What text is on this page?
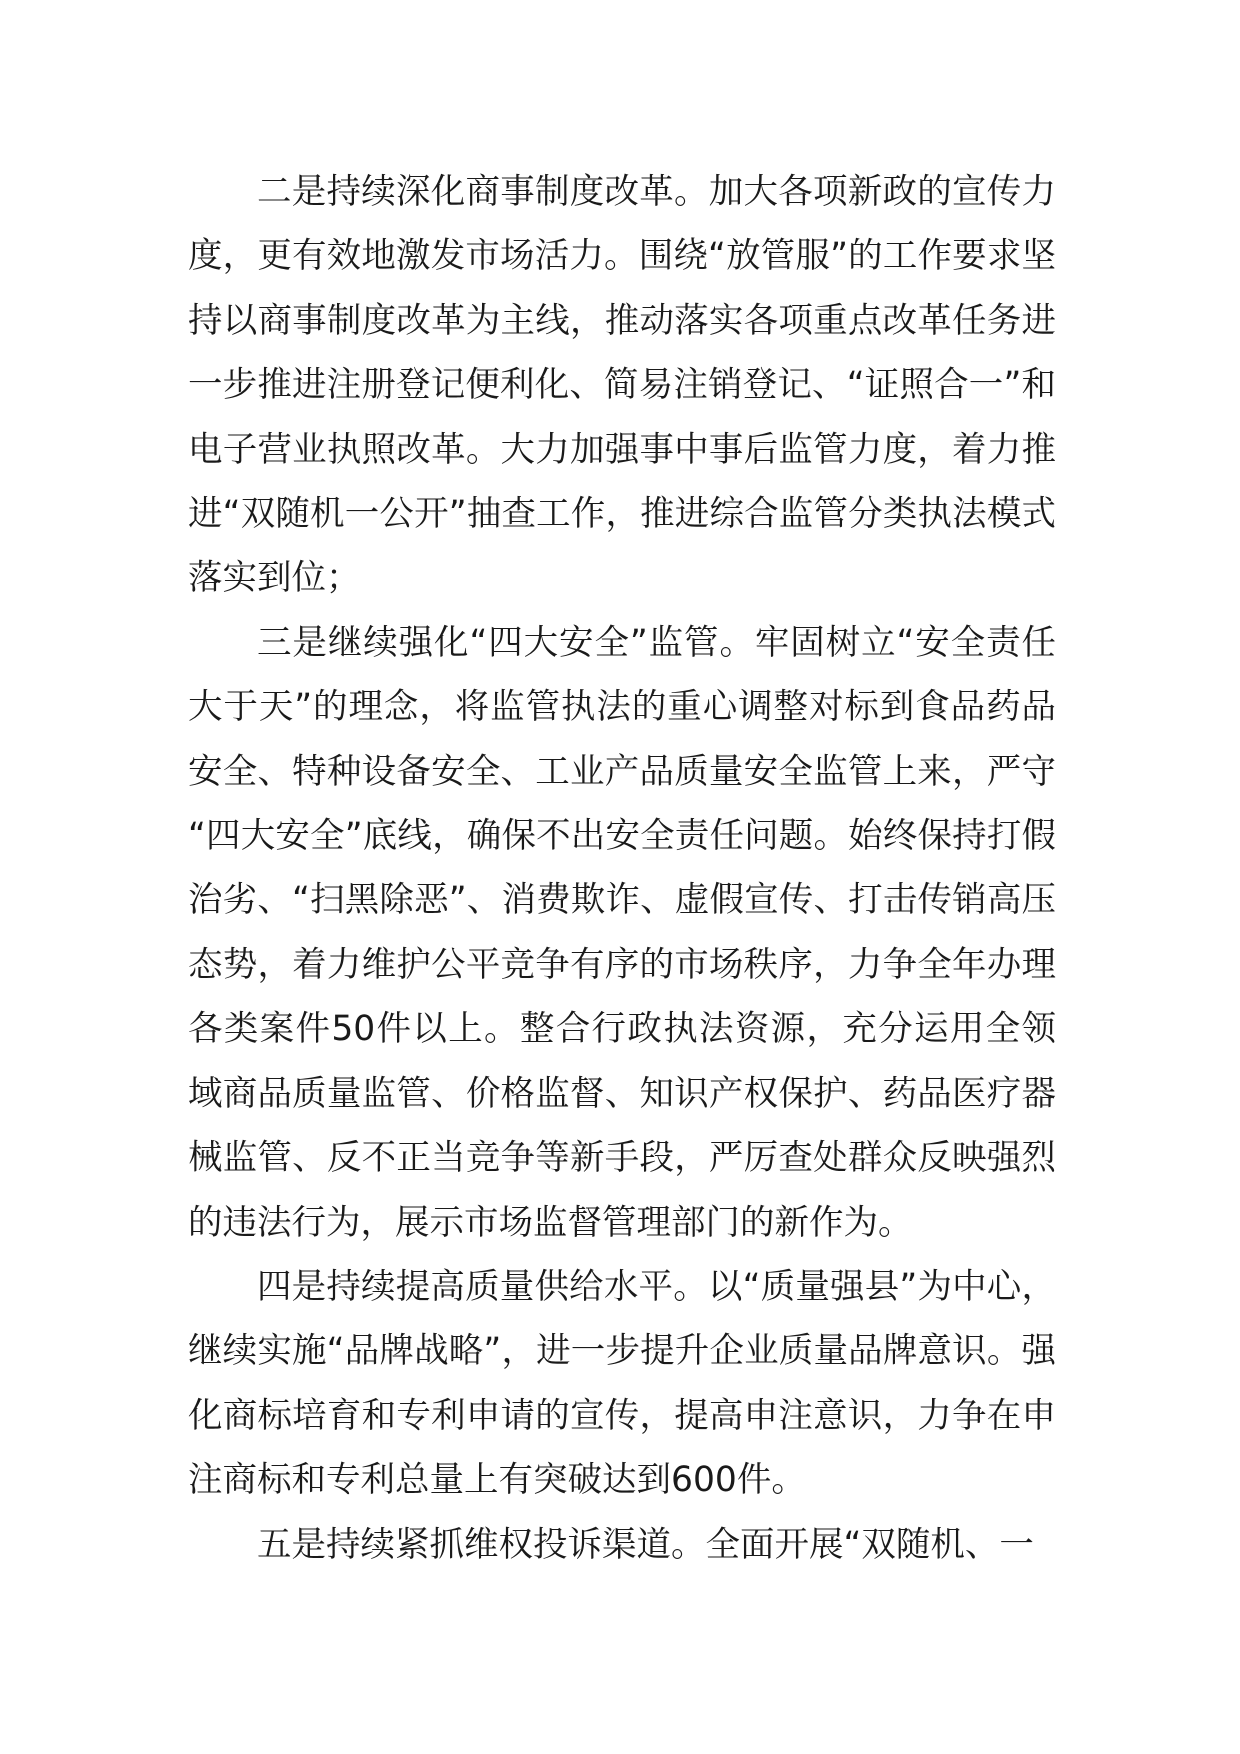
二是持续深化商事制度改革。加大各项新政的宣传力度，更有效地激发市场活力。围绕“放管服”的工作要求坚持以商事制度改革为主线，推动落实各项重点改革任务进一步推进注册登记便利化、简易注销登记、“证照合一”和电子营业执照改革。大力加强事中事后监管力度，着力推进“双随机一公开”抽查工作，推进综合监管分类执法模式落实到位；

三是继续强化“四大安全”监管。牢固树立“安全责任大于天”的理念，将监管执法的重心调整对标到食品药品安全、特种设备安全、工业产品质量安全监管上来，严守“四大安全”底线，确保不出安全责任问题。始终保持打假治劣、“扫黑除恶”、消费欺诈、虚假宣传、打击传销高压态势，着力维护公平竞争有序的市场秩序，力争全年办理各类案件50件以上。整合行政执法资源，充分运用全领域商品质量监管、价格监督、知识产权保护、药品医疗器械监管、反不正当竞争等新手段，严厉查处群众反映强烈的违法行为，展示市场监督管理部门的新作为。

四是持续提高质量供给水平。以“质量强县”为中心，继续实施“品牌战略”，进一步提升企业质量品牌意识。强化商标培育和专利申请的宣传，提高申注意识，力争在申注商标和专利总量上有突破达到600件。

五是持续紧抓维权投诉渠道。全面开展“双随机、一
